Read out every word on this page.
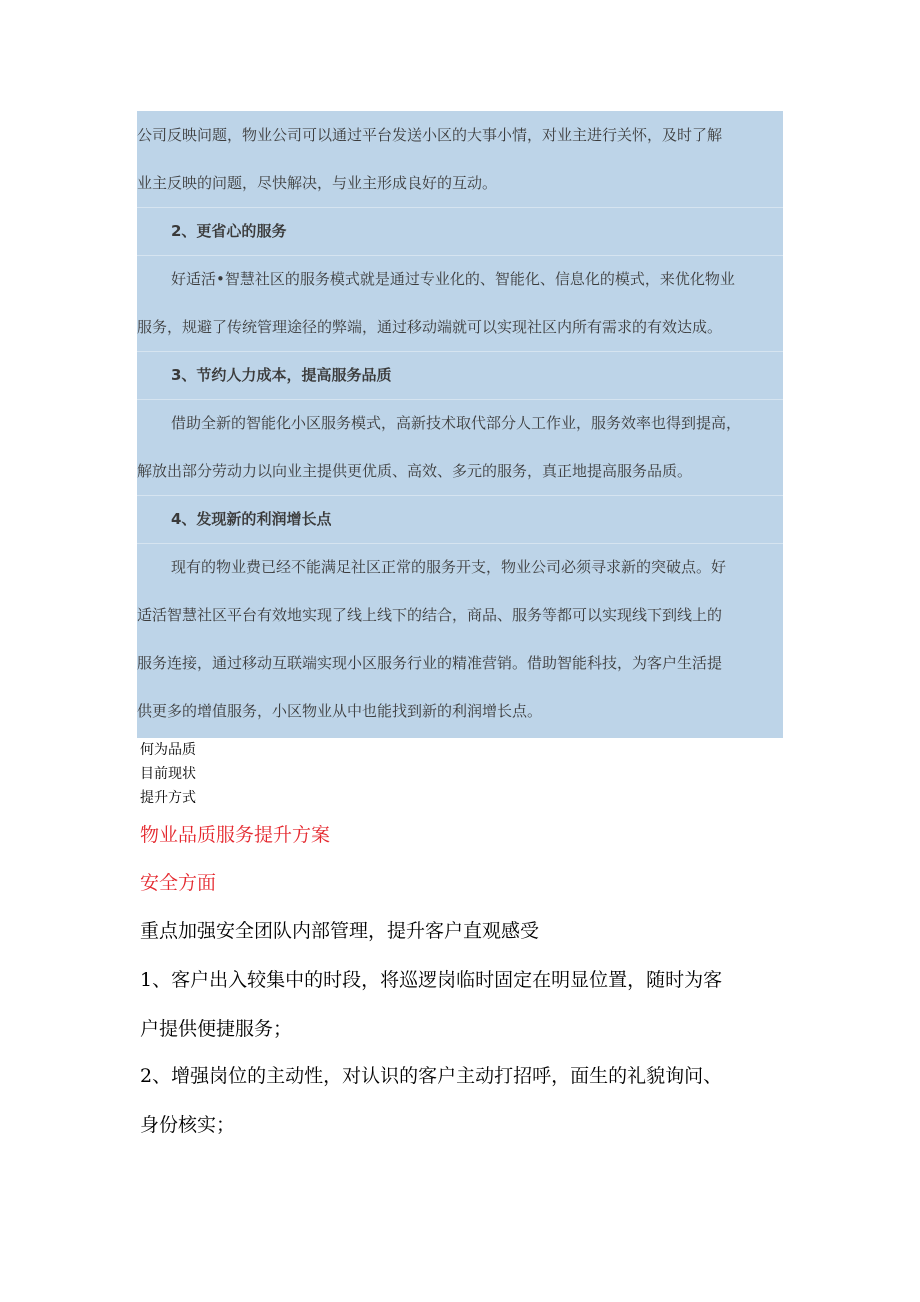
公司反映问题，物业公司可以通过平台发送小区的大事小情，对业主进行关怀，及时了解
业主反映的问题，尽快解决，与业主形成良好的互动。
2、更省心的服务
好适活•智慧社区的服务模式就是通过专业化的、智能化、信息化的模式，来优化物业
服务，规避了传统管理途径的弊端，通过移动端就可以实现社区内所有需求的有效达成。
3、节约人力成本，提高服务品质
借助全新的智能化小区服务模式，高新技术取代部分人工作业，服务效率也得到提高，
解放出部分劳动力以向业主提供更优质、高效、多元的服务，真正地提高服务品质。
4、发现新的利润增长点
现有的物业费已经不能满足社区正常的服务开支，物业公司必须寻求新的突破点。好
适活智慧社区平台有效地实现了线上线下的结合，商品、服务等都可以实现线下到线上的
服务连接，通过移动互联端实现小区服务行业的精准营销。借助智能科技，为客户生活提
供更多的增值服务，小区物业从中也能找到新的利润增长点。
何为品质
目前现状
提升方式
物业品质服务提升方案
安全方面
重点加强安全团队内部管理，提升客户直观感受
1、客户出入较集中的时段，将巡逻岗临时固定在明显位置，随时为客
户提供便捷服务；
2、增强岗位的主动性，对认识的客户主动打招呼，面生的礼貌询问、
身份核实；
